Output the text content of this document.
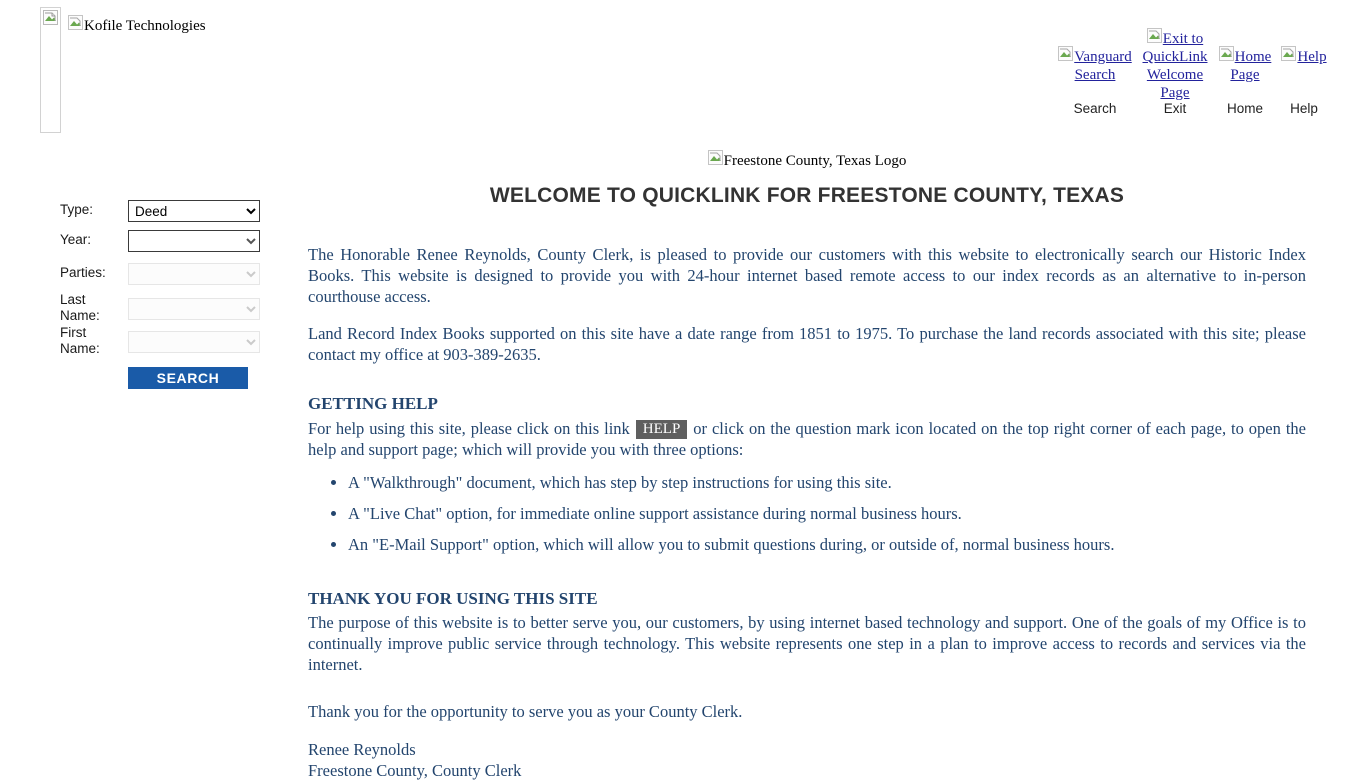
Kofile Technologies
Vanguard Search
Search
Exit to QuickLink Welcome Page
Exit
Home Page
Home
Help
Help
Type:
Deed
Year:
Parties:
Last Name:
First Name:
SEARCH
Freestone County, Texas Logo
WELCOME TO QUICKLINK FOR FREESTONE COUNTY, TEXAS

The Honorable Renee Reynolds, County Clerk, is pleased to provide our customers with this website to electronically search our Historic Index Books. This website is designed to provide you with 24-hour internet based remote access to our index records as an alternative to in-person courthouse access.

Land Record Index Books supported on this site have a date range from 1851 to 1975. To purchase the land records associated with this site; please contact my office at 903-389-2635.

GETTING HELP

For help using this site, please click on this link HELP or click on the question mark icon located on the top right corner of each page, to open the help and support page; which will provide you with three options:

• A "Walkthrough" document, which has step by step instructions for using this site.
• A "Live Chat" option, for immediate online support assistance during normal business hours.
• An "E-Mail Support" option, which will allow you to submit questions during, or outside of, normal business hours.
THANK YOU FOR USING THIS SITE

The purpose of this website is to better serve you, our customers, by using internet based technology and support. One of the goals of my Office is to continually improve public service through technology. This website represents one step in a plan to improve access to records and services via the internet.

Thank you for the opportunity to serve you as your County Clerk.

Renee Reynolds

Freestone County, County Clerk
